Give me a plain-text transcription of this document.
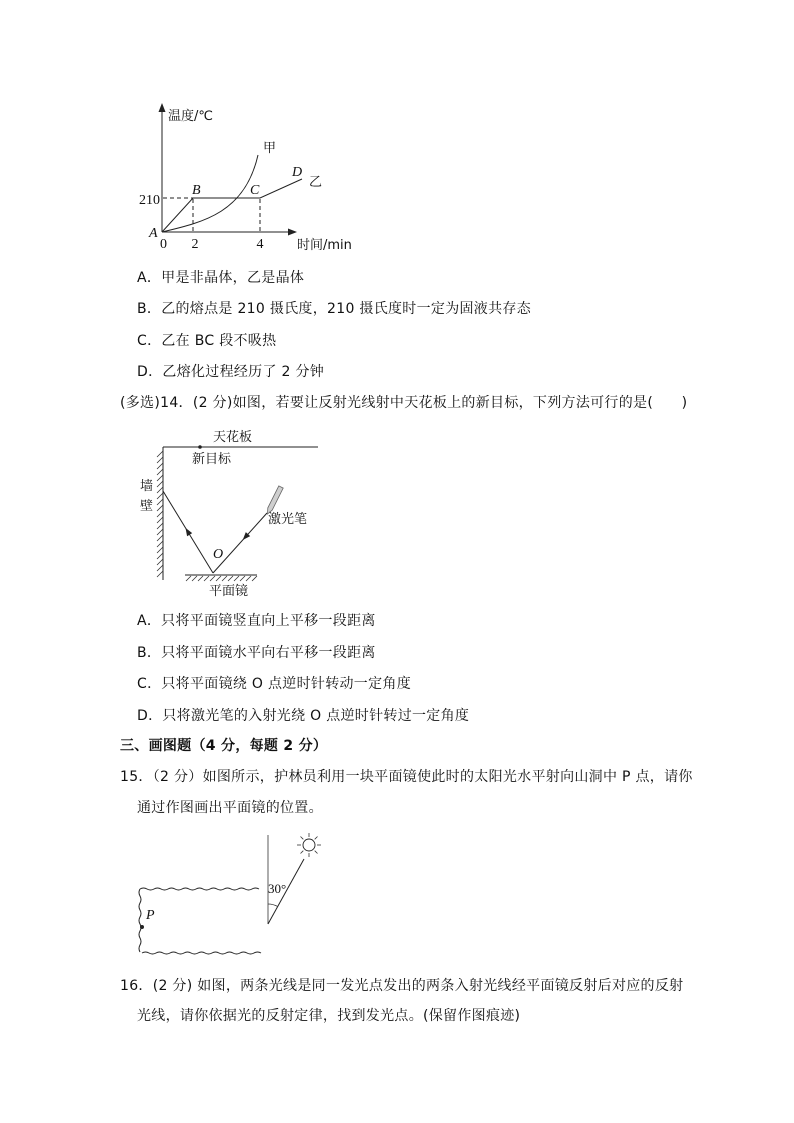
温度/℃
时间/min
210
0 2	4
A
B	C
D
甲
乙
天花板
新目标
墙
壁
激光笔
O
平面镜
P
30°
A．甲是非晶体，乙是晶体
B．乙的熔点是 210 摄氏度，210 摄氏度时一定为固液共存态
C．乙在 BC 段不吸热
D．乙熔化过程经历了 2 分钟
(多选)14．(2 分)如图，若要让反射光线射中天花板上的新目标，下列方法可行的是(　　)
A．只将平面镜竖直向上平移一段距离
B．只将平面镜水平向右平移一段距离
C．只将平面镜绕 O 点逆时针转动一定角度
D．只将激光笔的入射光绕 O 点逆时针转过一定角度
三、画图题（4 分，每题 2 分）
15．（2 分）如图所示，护林员利用一块平面镜使此时的太阳光水平射向山洞中 P 点，请你
通过作图画出平面镜的位置。
16．(2 分) 如图，两条光线是同一发光点发出的两条入射光线经平面镜反射后对应的反射
光线，请你依据光的反射定律，找到发光点。(保留作图痕迹)
